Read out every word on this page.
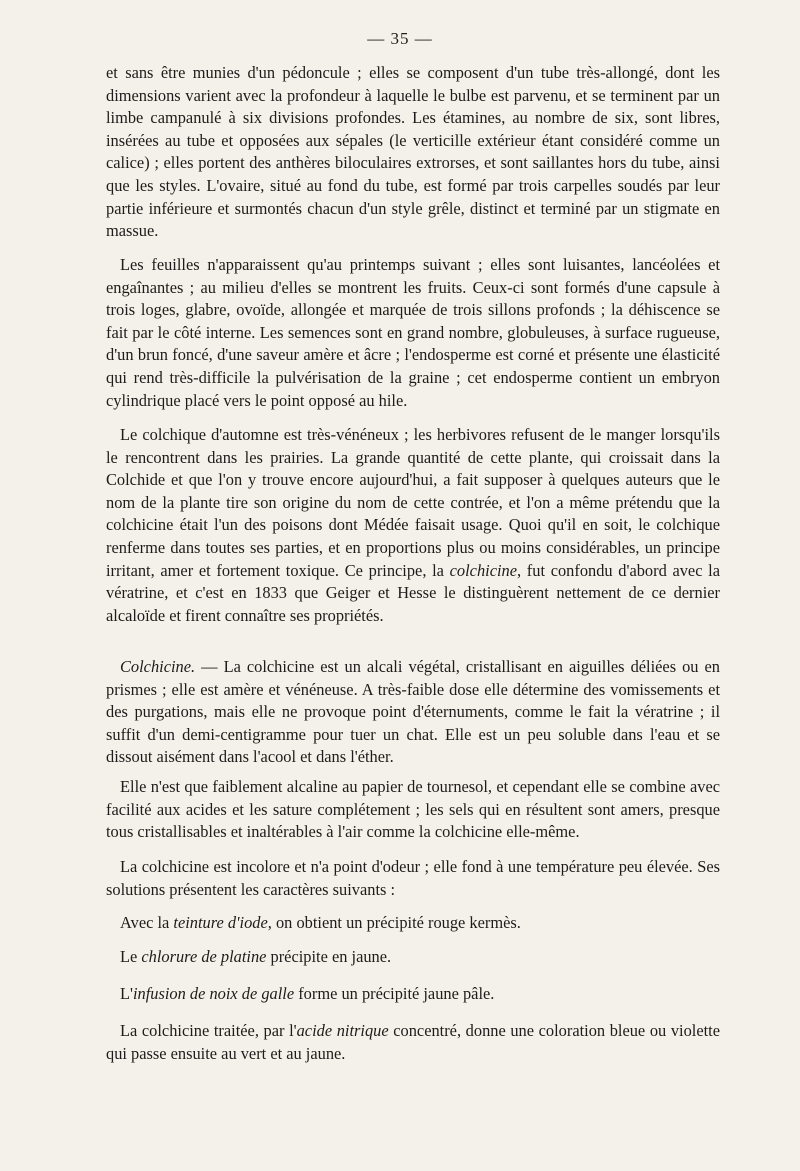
— 35 —

et sans être munies d'un pédoncule ; elles se composent d'un tube très-allongé, dont les dimensions varient avec la profondeur à laquelle le bulbe est parvenu, et se terminent par un limbe campanulé à six divisions profondes. Les étamines, au nombre de six, sont libres, insérées au tube et opposées aux sépales (le verticille extérieur étant considéré comme un calice) ; elles portent des anthères biloculaires extrorses, et sont saillantes hors du tube, ainsi que les styles. L'ovaire, situé au fond du tube, est formé par trois carpelles soudés par leur partie inférieure et surmontés chacun d'un style grêle, distinct et terminé par un stigmate en massue.

Les feuilles n'apparaissent qu'au printemps suivant ; elles sont luisantes, lancéolées et engaînantes ; au milieu d'elles se montrent les fruits. Ceux-ci sont formés d'une capsule à trois loges, glabre, ovoïde, allongée et marquée de trois sillons profonds ; la déhiscence se fait par le côté interne. Les semences sont en grand nombre, globuleuses, à surface rugueuse, d'un brun foncé, d'une saveur amère et âcre ; l'endosperme est corné et présente une élasticité qui rend très-difficile la pulvérisation de la graine ; cet endosperme contient un embryon cylindrique placé vers le point opposé au hile.

Le colchique d'automne est très-vénéneux ; les herbivores refusent de le manger lorsqu'ils le rencontrent dans les prairies. La grande quantité de cette plante, qui croissait dans la Colchide et que l'on y trouve encore aujourd'hui, a fait supposer à quelques auteurs que le nom de la plante tire son origine du nom de cette contrée, et l'on a même prétendu que la colchicine était l'un des poisons dont Médée faisait usage. Quoi qu'il en soit, le colchique renferme dans toutes ses parties, et en proportions plus ou moins considérables, un principe irritant, amer et fortement toxique. Ce principe, la colchicine, fut confondu d'abord avec la vératrine, et c'est en 1833 que Geiger et Hesse le distinguèrent nettement de ce dernier alcaloïde et firent connaître ses propriétés.

Colchicine. — La colchicine est un alcali végétal, cristallisant en aiguilles déliées ou en prismes ; elle est amère et vénéneuse. A très-faible dose elle détermine des vomissements et des purgations, mais elle ne provoque point d'éternuments, comme le fait la vératrine ; il suffit d'un demi-centigramme pour tuer un chat. Elle est un peu soluble dans l'eau et se dissout aisément dans l'acool et dans l'éther.

Elle n'est que faiblement alcaline au papier de tournesol, et cependant elle se combine avec facilité aux acides et les sature complétement ; les sels qui en résultent sont amers, presque tous cristallisables et inaltérables à l'air comme la colchicine elle-même.

La colchicine est incolore et n'a point d'odeur ; elle fond à une température peu élevée. Ses solutions présentent les caractères suivants :

Avec la teinture d'iode, on obtient un précipité rouge kermès.

Le chlorure de platine précipite en jaune.

L'infusion de noix de galle forme un précipité jaune pâle.

La colchicine traitée, par l'acide nitrique concentré, donne une coloration bleue ou violette qui passe ensuite au vert et au jaune.
